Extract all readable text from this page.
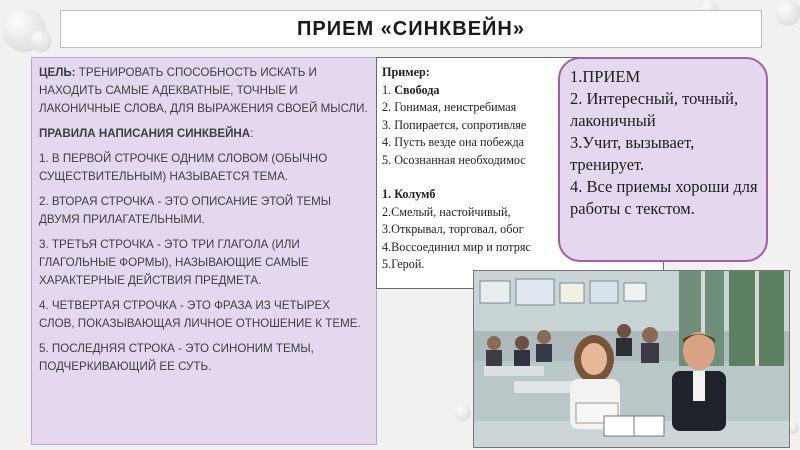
ПРИЕМ «СИНКВЕЙН»

ЦЕЛЬ: ТРЕНИРОВАТЬ СПОСОБНОСТЬ ИСКАТЬ И НАХОДИТЬ САМЫЕ АДЕКВАТНЫЕ, ТОЧНЫЕ И ЛАКОНИЧНЫЕ СЛОВА, ДЛЯ ВЫРАЖЕНИЯ СВОЕЙ МЫСЛИ.

ПРАВИЛА НАПИСАНИЯ СИНКВЕЙНА:

1. В ПЕРВОЙ СТРОЧКЕ ОДНИМ СЛОВОМ (ОБЫЧНО СУЩЕСТВИТЕЛЬНЫМ) НАЗЫВАЕТСЯ ТЕМА.

2. ВТОРАЯ СТРОЧКА - ЭТО ОПИСАНИЕ ЭТОЙ ТЕМЫ ДВУМЯ ПРИЛАГАТЕЛЬНЫМИ.

3. ТРЕТЬЯ СТРОЧКА - ЭТО ТРИ ГЛАГОЛА (ИЛИ ГЛАГОЛЬНЫЕ ФОРМЫ), НАЗЫВАЮЩИЕ САМЫЕ ХАРАКТЕРНЫЕ ДЕЙСТВИЯ ПРЕДМЕТА.

4. ЧЕТВЕРТАЯ СТРОЧКА - ЭТО ФРАЗА ИЗ ЧЕТЫРЕХ СЛОВ, ПОКАЗЫВАЮЩАЯ ЛИЧНОЕ ОТНОШЕНИЕ К ТЕМЕ.

5. ПОСЛЕДНЯЯ СТРОКА - ЭТО СИНОНИМ ТЕМЫ, ПОДЧЕРКИВАЮЩИЙ ЕЕ СУТЬ.

Пример:
1. Свобода
2. Гонимая, неистребимая
3. Попирается, сопротивляе
4. Пусть везде она побежда
5. Осознанная необходимос
1. Колумб
2.Смелый, настойчивый,
3.Открывал, торговал, обог
4.Воссоединил мир и потряс
5.Герой.
1.ПРИЕМ
2. Интересный, точный, лаконичный
3.Учит, вызывает, тренирует.
4. Все приемы хороши для работы с текстом.
